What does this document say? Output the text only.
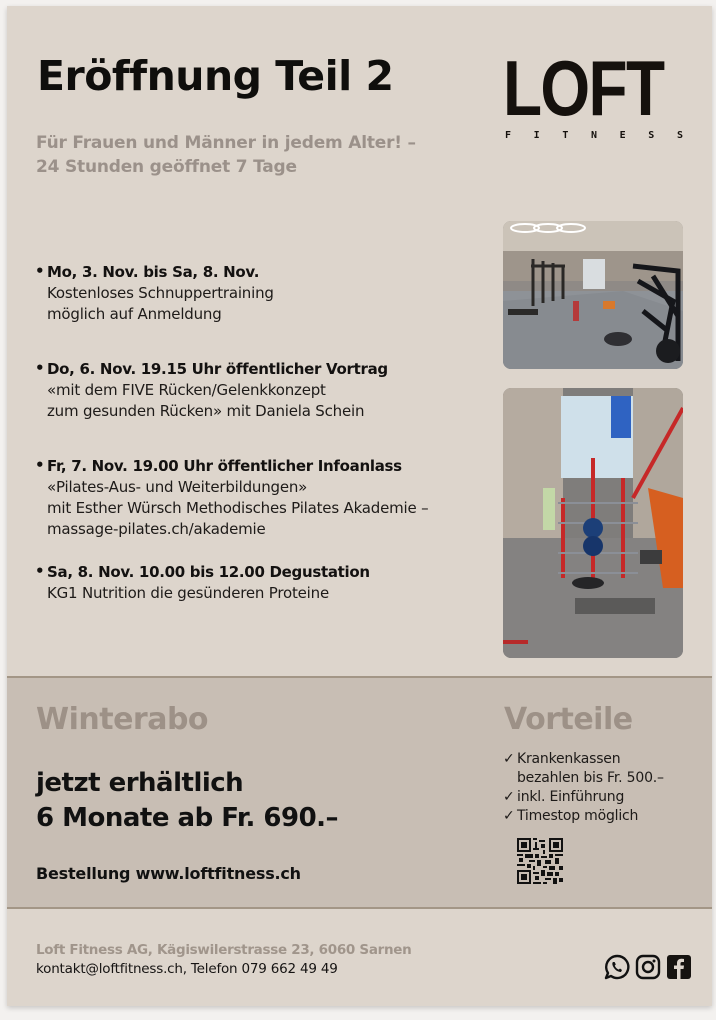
Eröffnung Teil 2
Für Frauen und Männer in jedem Alter! –
24 Stunden geöffnet 7 Tage
LOFT
F I T N E S S
• Mo, 3. Nov. bis Sa, 8. Nov.
Kostenloses Schnuppertraining
möglich auf Anmeldung
• Do, 6. Nov. 19.15 Uhr öffentlicher Vortrag
«mit dem FIVE Rücken/Gelenkkonzept
zum gesunden Rücken» mit Daniela Schein
• Fr, 7. Nov. 19.00 Uhr öffentlicher Infoanlass
«Pilates-Aus- und Weiterbildungen»
mit Esther Würsch Methodisches Pilates Akademie –
massage-pilates.ch/akademie
• Sa, 8. Nov. 10.00 bis 12.00 Degustation
KG1 Nutrition die gesünderen Proteine
Winterabo
jetzt erhältlich
6 Monate ab Fr. 690.–
Bestellung www.loftfitness.ch
Vorteile
✓ Krankenkassen
bezahlen bis Fr. 500.–
✓ inkl. Einführung
✓ Timestop möglich
Loft Fitness AG, Kägiswilerstrasse 23, 6060 Sarnen
kontakt@loftfitness.ch, Telefon 079 662 49 49
